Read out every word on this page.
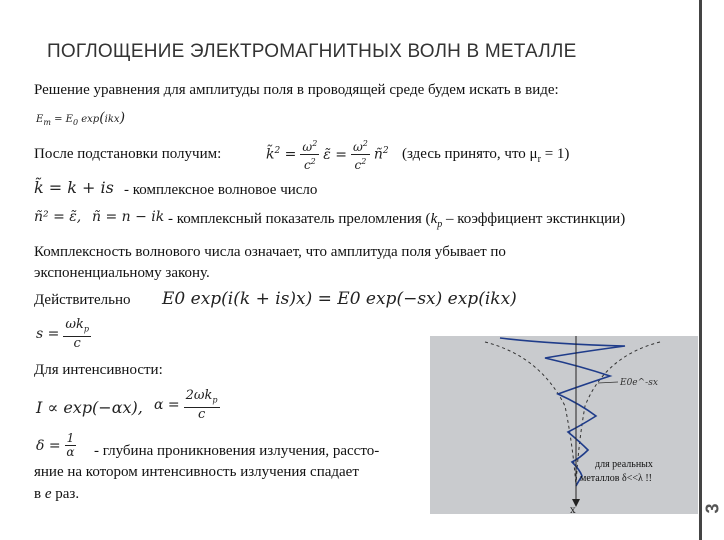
ПОГЛОЩЕНИЕ ЭЛЕКТРОМАГНИТНЫХ ВОЛН В МЕТАЛЛЕ
Решение уравнения для амплитуды поля в проводящей среде будем искать в виде:
$E_m = E_0$ exp(ikx)
После подстановки получим:	k̃$^2$ = $\frac{\omega^2}{c^2}$ ε̃ = $\frac{\omega^2}{c^2}$ $ñ^2$ (здесь принято, что $\mu_r = 1$)
k̃ = k + is - комплексное волновое число
ñ² = ε̃, ñ = n − ik - комплексный показатель преломления ($k_p$ – коэффициент экстинкции)
Комплексность волнового числа означает, что амплитуда поля убывает по
экспоненциальному закону.
Действительно E0 exp(i(k + is)x) = E0 exp(−sx) exp(ikx)
$s = \frac{\omega k_p}{c}$
Для интенсивности:
I ∝ exp(−αx), $\alpha = \frac{2\omega k_p}{c}$
$\delta = \frac{1}{\alpha}$ - глубина проникновения излучения, рассто-
яние на котором интенсивность излучения спадает
в е раз.
E0e^-sx
x
для реальных
металлов δ<<λ !!
3
